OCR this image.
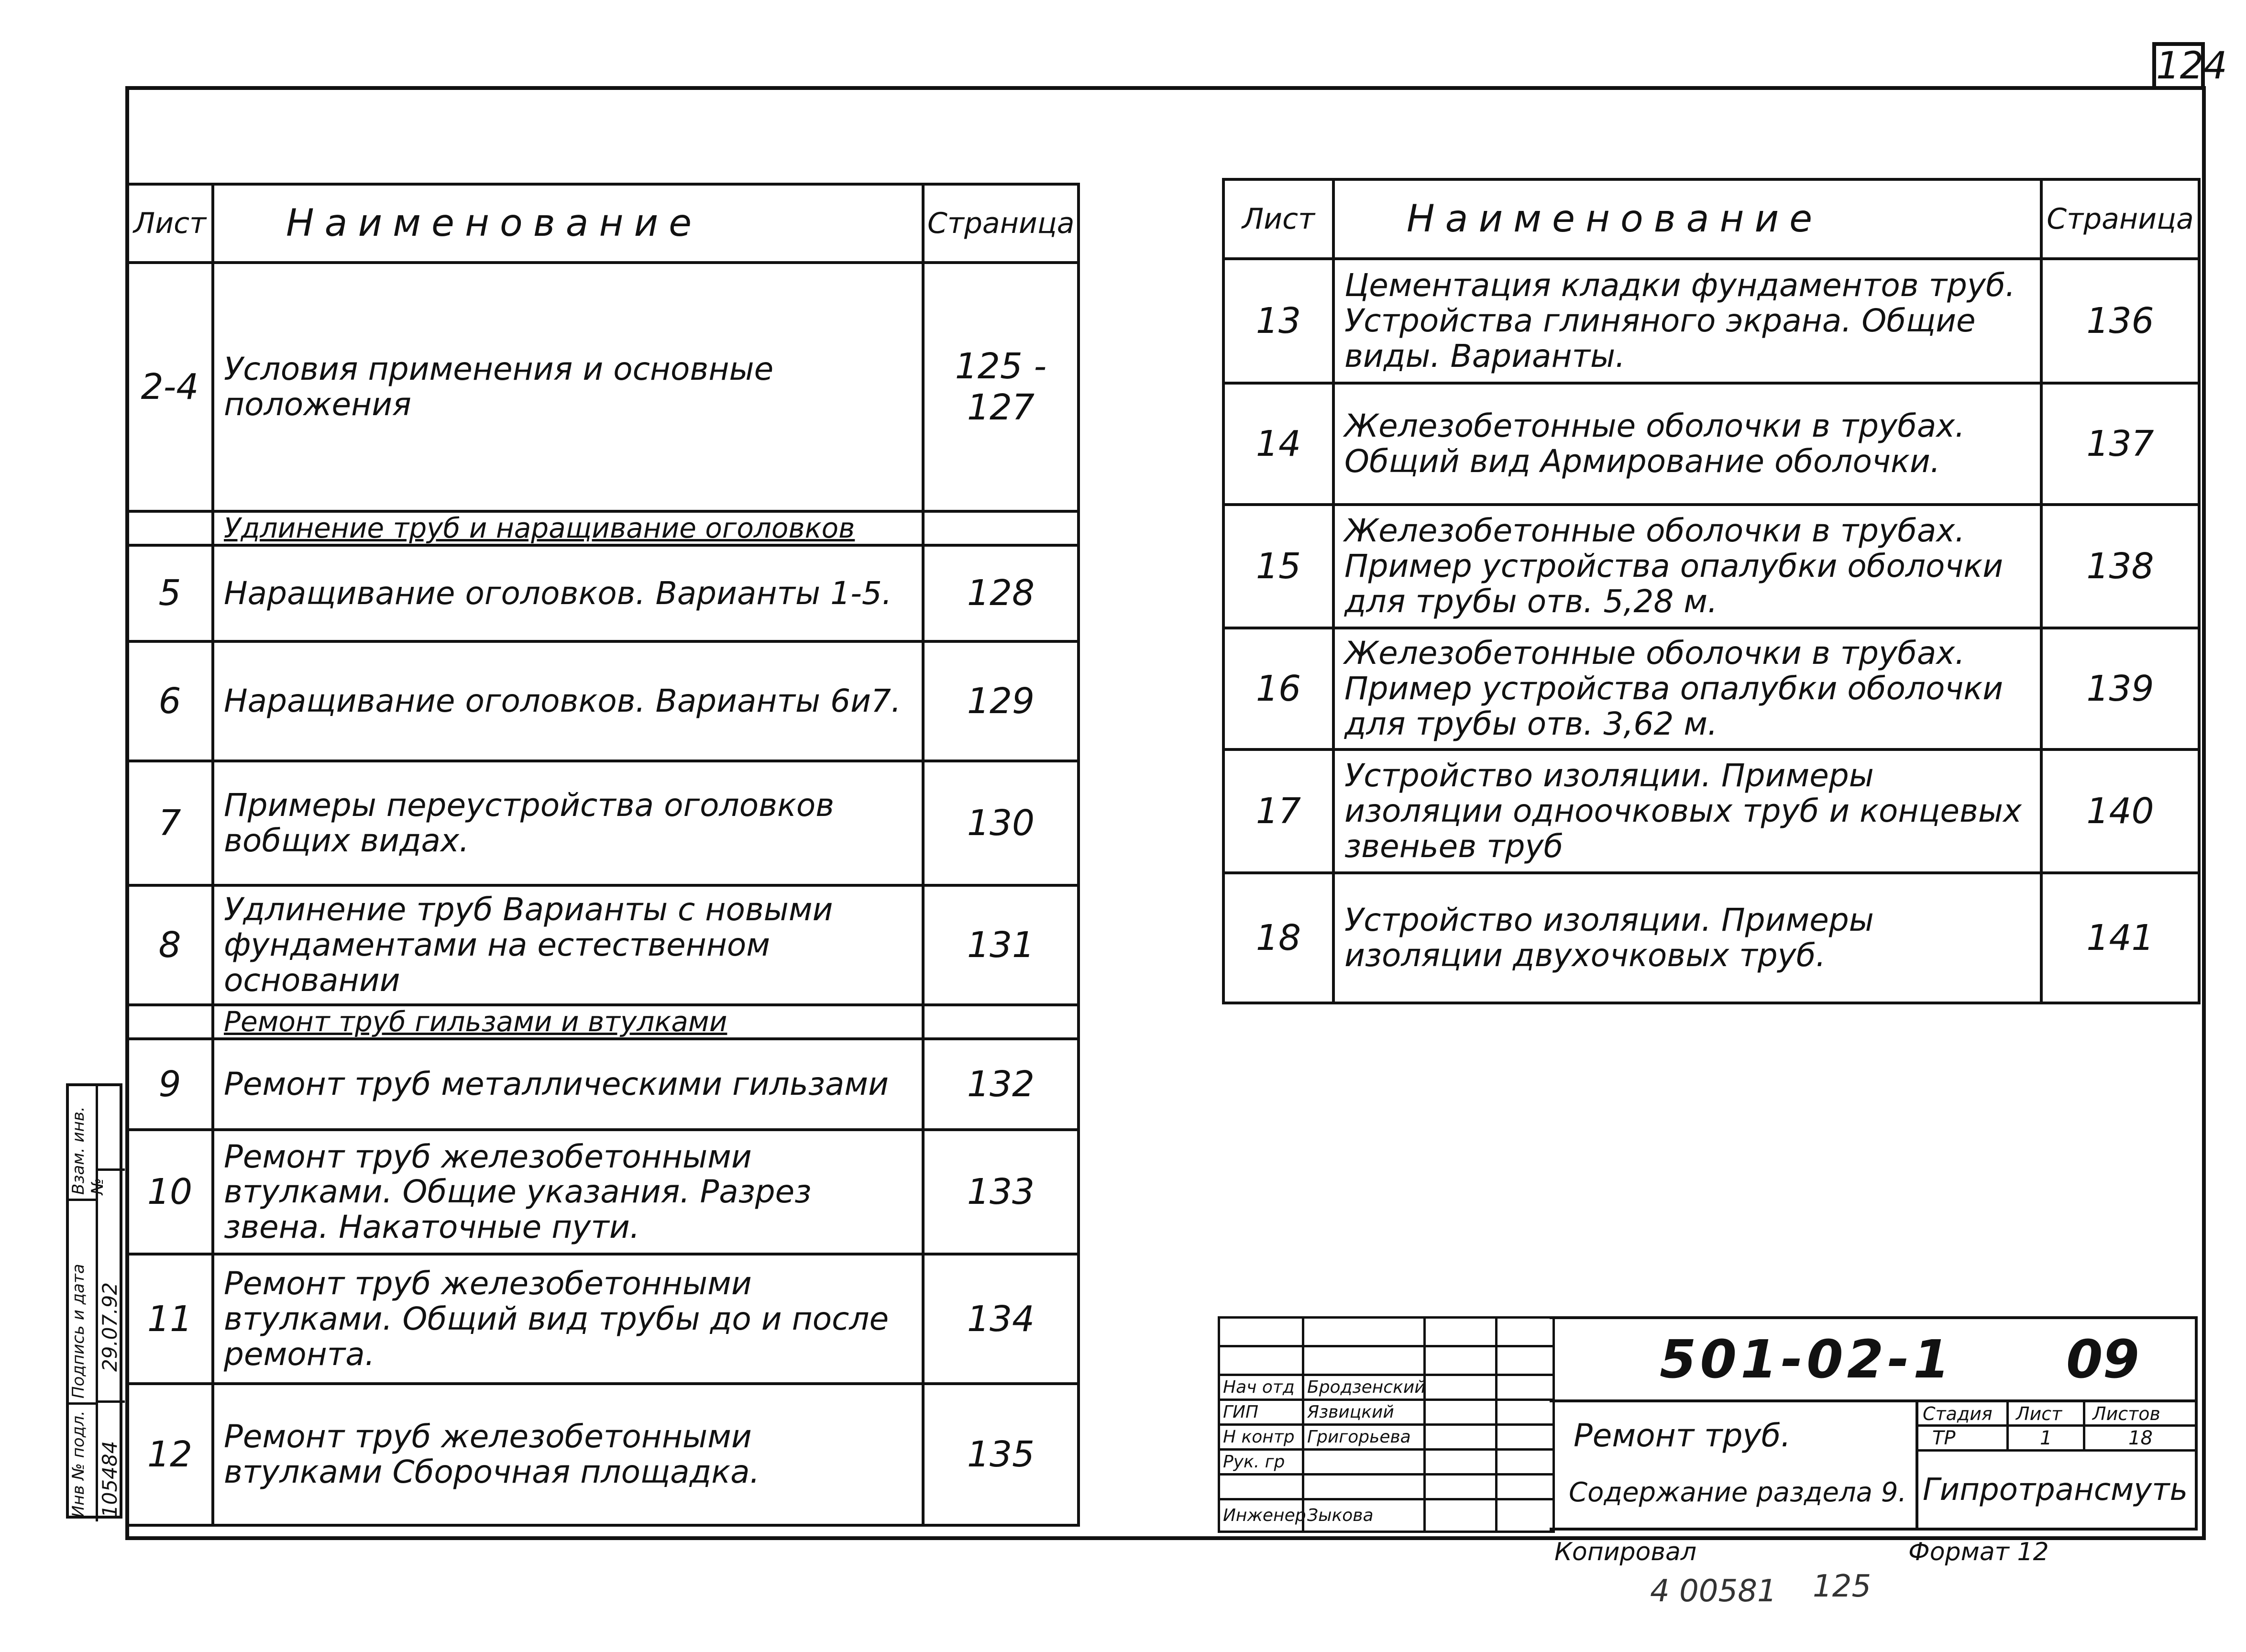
124
Лист	Наименование	Страница
2-4	Условия применения и основные положения	125 - 127
	Удлинение труб и наращивание оголовков	
5	Наращивание оголовков. Варианты 1-5.	128
6	Наращивание оголовков. Варианты 6и7.	129
7	Примеры переустройства оголовков вобщих видах.	130
8	Удлинение труб Варианты с новыми фундаментами на естественном основании	131
	Ремонт труб гильзами и втулками	
9	Ремонт труб металлическими гильзами	132
10	Ремонт труб железобетонными втулками. Общие указания. Разрез звена. Накаточные пути.	133
11	Ремонт труб железобетонными втулками. Общий вид трубы до и после ремонта.	134
12	Ремонт труб железобетонными втулками Сборочная площадка.	135
Лист	Наименование	Страница
13	Цементация кладки фундаментов труб. Устройства глиняного экрана. Общие виды. Варианты.	136
14	Железобетонные оболочки в трубах. Общий вид Армирование оболочки.	137
15	Железобетонные оболочки в трубах. Пример устройства опалубки оболочки для трубы отв. 5,28 м.	138
16	Железобетонные оболочки в трубах. Пример устройства опалубки оболочки для трубы отв. 3,62 м.	139
17	Устройство изоляции. Примеры изоляции одноочковых труб и концевых звеньев труб	140
18	Устройство изоляции. Примеры изоляции двухочковых труб.	141

Нач отд	Бродзенский		
ГИП	Язвицкий		
Н контр	Григорьева		
Рук. гр			

Инженер	Зыкова		
501-02-1 09
Ремонт труб.
Содержание раздела 9.
Стадия Лист Листов
ТР	1	18
Гипротрансмуть
Копировал	Формат 12
4 00581 125
Инв № подл.
Подпись и дата
Взам. инв. №
105484
29.07.92
